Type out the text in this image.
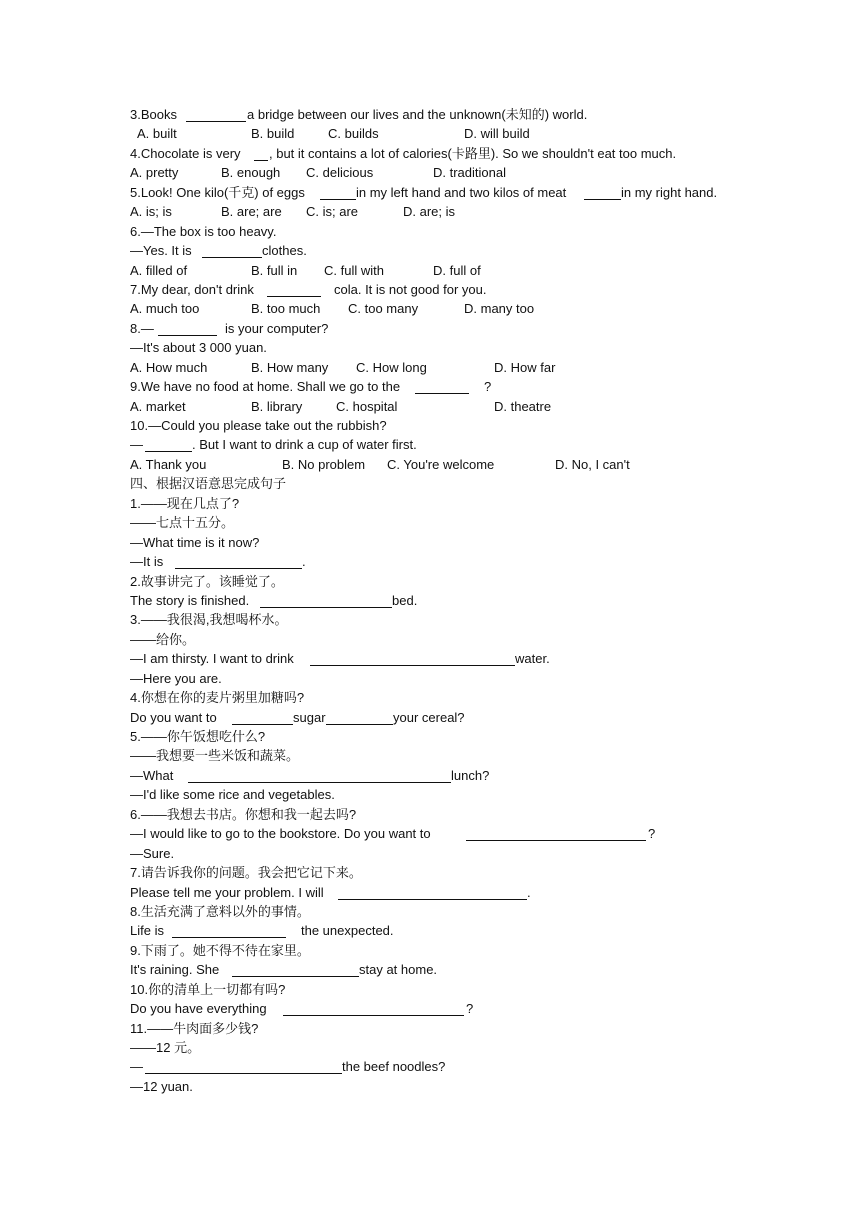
3.Books	a bridge between our lives and the unknown(未知的) world.
A. built	B. build	C. builds	D. will build
4.Chocolate is very , but it contains a lot of calories(卡路里). So we shouldn't eat too much.
A. pretty	B. enough C. delicious	D. traditional
5.Look! One kilo(千克) of eggs	in my left hand and two kilos of meat	in my right hand.
A. is; is	B. are; are C. is; are	D. are; is
6.—The box is too heavy.
—Yes. It is	clothes.
A. filled of	B. full in C. full with	D. full of
7.My dear, don't drink	cola. It is not good for you.
A. much too	B. too much C. too many	D. many too
8.—	is your computer?
—It's about 3 000 yuan.
A. How much	B. How many C. How long	D. How far
9.We have no food at home. Shall we go to the	?
A. market	B. library	C. hospital	D. theatre
10.—Could you please take out the rubbish?
—	. But I want to drink a cup of water first.
A. Thank you	B. No problem C. You're welcome	D. No, I can't
四、根据汉语意思完成句子
1.——现在几点了?
——七点十五分。
—What time is it now?
—It is	.
2.故事讲完了。该睡觉了。
The story is finished.	bed.
3.——我很渴,我想喝杯水。
——给你。
—I am thirsty. I want to drink	water.
—Here you are.
4.你想在你的麦片粥里加糖吗?
Do you want to	sugar	your cereal?
5.——你午饭想吃什么?
——我想要一些米饭和蔬菜。
—What	lunch?
—I'd like some rice and vegetables.
6.——我想去书店。你想和我一起去吗?
—I would like to go to the bookstore. Do you want to	?
—Sure.
7.请告诉我你的问题。我会把它记下来。
Please tell me your problem. I will	.
8.生活充满了意料以外的事情。
Life is	the unexpected.
9.下雨了。她不得不待在家里。
It's raining. She	stay at home.
10.你的清单上一切都有吗?
Do you have everything	?
11.——牛肉面多少钱?
——12 元。
—	the beef noodles?
—12 yuan.
